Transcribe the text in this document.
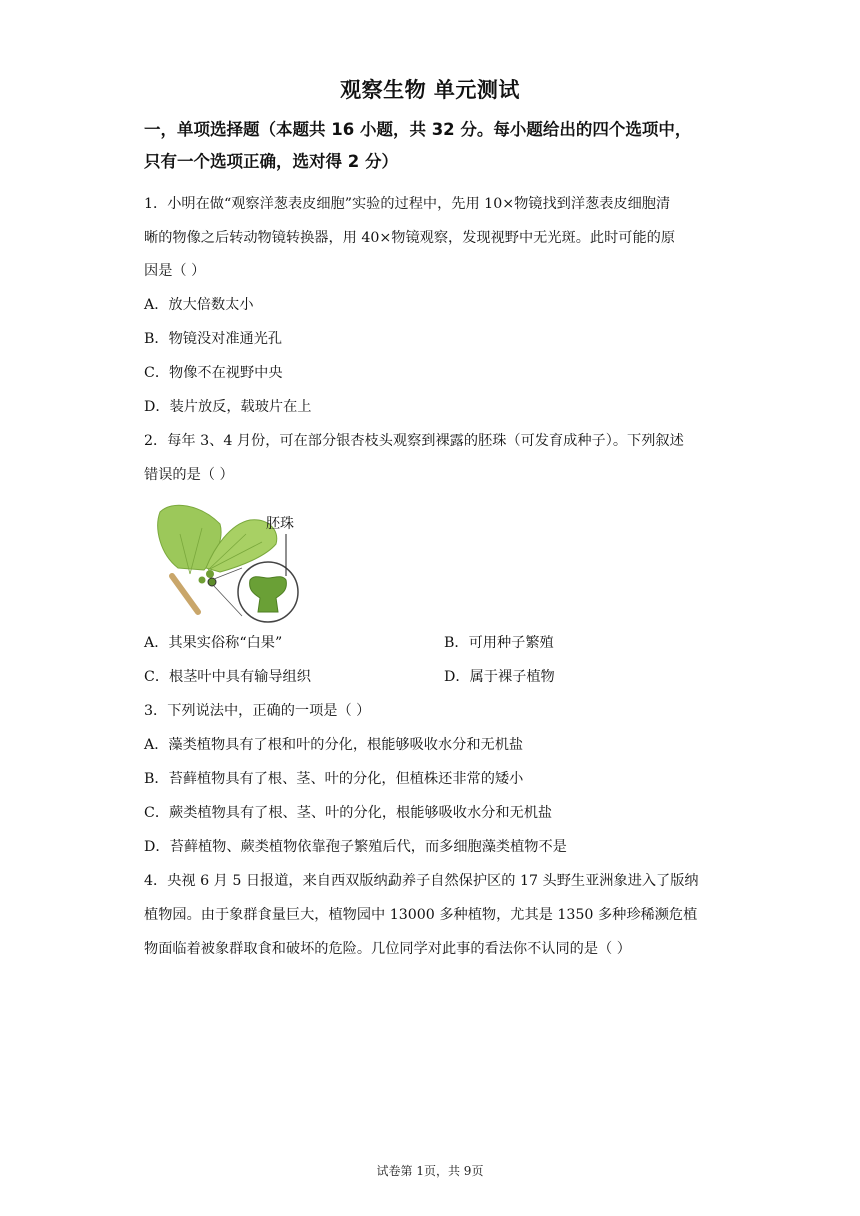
观察生物 单元测试
一，单项选择题（本题共 16 小题，共 32 分。每小题给出的四个选项中，
只有一个选项正确，选对得 2 分）
1．小明在做“观察洋葱表皮细胞”实验的过程中，先用 10×物镜找到洋葱表皮细胞清
晰的物像之后转动物镜转换器，用 40×物镜观察，发现视野中无光斑。此时可能的原
因是（ ）
A．放大倍数太小
B．物镜没对准通光孔
C．物像不在视野中央
D．装片放反，载玻片在上
2．每年 3、4 月份，可在部分银杏枝头观察到裸露的胚珠（可发育成种子）。下列叙述
错误的是（ ）
胚珠
A．其果实俗称“白果”	B．可用种子繁殖
C．根茎叶中具有输导组织	D．属于裸子植物
3．下列说法中，正确的一项是（ ）
A．藻类植物具有了根和叶的分化，根能够吸收水分和无机盐
B．苔藓植物具有了根、茎、叶的分化，但植株还非常的矮小
C．蕨类植物具有了根、茎、叶的分化，根能够吸收水分和无机盐
D．苔藓植物、蕨类植物依靠孢子繁殖后代，而多细胞藻类植物不是
4．央视 6 月 5 日报道，来自西双版纳勐养子自然保护区的 17 头野生亚洲象进入了版纳
植物园。由于象群食量巨大，植物园中 13000 多种植物，尤其是 1350 多种珍稀濒危植
物面临着被象群取食和破坏的危险。几位同学对此事的看法你不认同的是（ ）
试卷第 1页，共 9页
